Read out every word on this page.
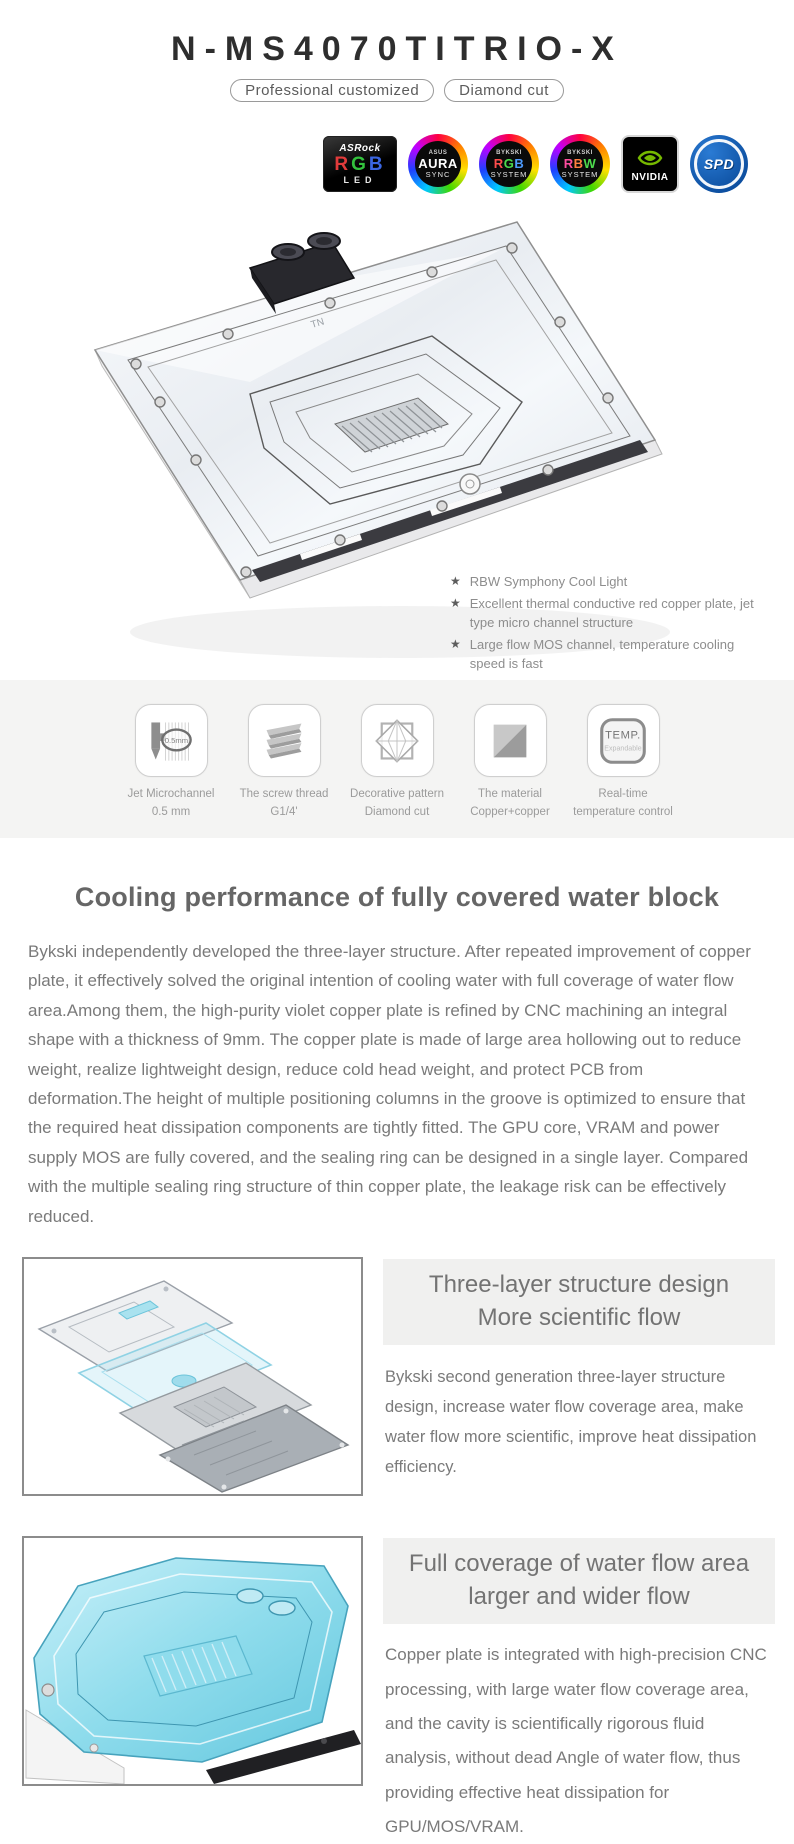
N-MS4070TITRIO-X
Professional customized	Diamond cut
ASRock
RGB
LED
ASUS
AURA
SYNC
BYKSKI
RGB
SYSTEM
BYKSKI
RBW
SYSTEM	NVIDIA
SPD
TN
★ RBW Symphony Cool Light
★ Excellent thermal conductive red copper plate, jet type micro channel structure
★ Large flow MOS channel, temperature cooling speed is fast
0.5mm
Jet Microchannel
0.5 mm
The screw thread
G1/4'
Decorative pattern
Diamond cut
The material
Copper+copper
TEMP.
Expandable
Real-time
temperature control
Cooling performance of fully covered water block

Bykski independently developed the three-layer structure. After repeated improvement of copper plate, it effectively solved the original intention of cooling water with full coverage of water flow area.Among them, the high-purity violet copper plate is refined by CNC machining an integral shape with a thickness of 9mm. The copper plate is made of large area hollowing out to reduce weight, realize lightweight design, reduce cold head weight, and protect PCB from deformation.The height of multiple positioning columns in the groove is optimized to ensure that the required heat dissipation components are tightly fitted. The GPU core, VRAM and power supply MOS are fully covered, and the sealing ring can be designed in a single layer. Compared with the multiple sealing ring structure of thin copper plate, the leakage risk can be effectively reduced.

Three-layer structure design
More scientific flow

Bykski second generation three-layer structure design, increase water flow coverage area, make water flow more scientific, improve heat dissipation efficiency.

Full coverage of water flow area
larger and wider flow

Copper plate is integrated with high-precision CNC processing, with large water flow coverage area, and the cavity is scientifically rigorous fluid analysis, without dead Angle of water flow, thus providing effective heat dissipation for GPU/MOS/VRAM.
